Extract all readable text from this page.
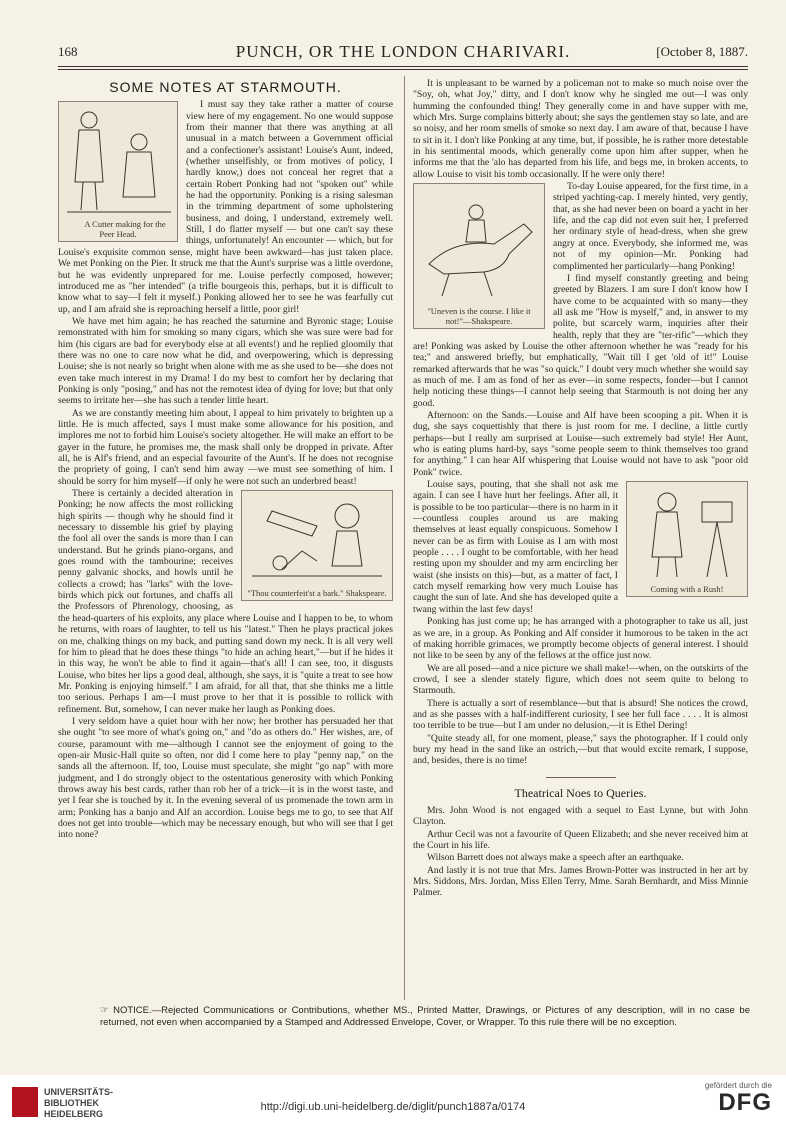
168	PUNCH, OR THE LONDON CHARIVARI.	[October 8, 1887.
SOME NOTES AT STARMOUTH.

A Cutter making for the Peer Head.
I must say they take rather a matter of course view here of my engagement. No one would suppose from their manner that there was anything at all unusual in a match between a Government official and a confectioner's assistant! Louise's Aunt, indeed, (whether unselfishly, or from motives of policy, I hardly know,) does not conceal her regret that a certain Robert Ponking had not "spoken out" while he had the opportunity. Ponking is a rising salesman in the trimming department of some upholstering business, and doing, I understand, extremely well. Still, I do flatter myself — but one can't say these things, unfortunately! An encounter — which, but for Louise's exquisite common sense, might have been awkward—has just taken place. We met Ponking on the Pier. It struck me that the Aunt's surprise was a little overdone, but he was evidently unprepared for me. Louise perfectly composed, however; introduced me as "her intended" (a trifle bourgeois this, perhaps, but it is difficult to know what to say—I felt it myself.) Ponking allowed her to see he was fearfully cut up, and I am afraid she is reproaching herself a little, poor girl!

We have met him again; he has reached the saturnine and Byronic stage; Louise remonstrated with him for smoking so many cigars, which she was sure were bad for him (his cigars are bad for everybody else at all events!) and he replied gloomily that there was no one to care now what he did, and overpowering, which is depressing Louise; she is not nearly so bright when alone with me as she used to be—she does not even take much interest in my Drama! I do my best to comfort her by declaring that Ponking is only "posing," and has not the remotest idea of dying for love; but that only seems to irritate her—she has such a tender little heart.

As we are constantly meeting him about, I appeal to him privately to brighten up a little. He is much affected, says I must make some allowance for his position, and implores me not to forbid him Louise's society altogether. He will make an effort to be gayer in the future, he promises me, the mask shall only be dropped in private. After all, he is Alf's friend, and an especial favourite of the Aunt's. If he does not recognise the propriety of going, I can't send him away —we must see something of him. I should be sorry for him myself—if only he were not such an underbred beast!

"Thou counterfeit'st a bark." Shakspeare.

There is certainly a decided alteration in Ponking; he now affects the most rollicking high spirits — though why he should find it necessary to dissemble his grief by playing the fool all over the sands is more than I can understand. But he grinds piano-organs, and goes round with the tambourine; receives penny galvanic shocks, and howls until he collects a crowd; has "larks" with the love-birds which pick out fortunes, and chaffs all the Professors of Phrenology, choosing, as the head-quarters of his exploits, any place where Louise and I happen to be, to whom he returns, with roars of laughter, to tell us his "latest." Then he plays practical jokes on me, chalking things on my back, and putting sand down my neck. It is all very well for him to plead that he does these things "to hide an aching heart,"—but if he hides it in this way, he won't be able to find it again—that's all! I can see, too, it disgusts Louise, who bites her lips a good deal, although, she says, it is "quite a treat to see how Mr. Ponking is enjoying himself." I am afraid, for all that, that she thinks me a little too serious. Perhaps I am—I must prove to her that it is possible to rollick with refinement. But, somehow, I can never make her laugh as Ponking does.

I very seldom have a quiet hour with her now; her brother has persuaded her that she ought "to see more of what's going on," and "do as others do." Her wishes, are, of course, paramount with me—although I cannot see the enjoyment of going to the open-air Music-Hall quite so often, nor did I come here to play "penny nap," on the sands all the afternoon. If, too, Louise must speculate, she might "go nap" with more judgment, and I do strongly object to the ostentatious generosity with which Ponking throws away his best cards, rather than rob her of a trick—it is in the worst taste, and yet I fear she is touched by it. In the evening several of us promenade the town arm in arm; Ponking has a banjo and Alf an accordion. Louise begs me to go, to see that Alf does not get into trouble—which may be necessary enough, but who will see that I get into none?

It is unpleasant to be warned by a policeman not to make so much noise over the "Soy, oh, what Joy," ditty, and I don't know why he singled me out—I was only humming the confounded thing! They generally come in and have supper with me, which Mrs. Surge complains bitterly about; she says the gentlemen stay so late, and are so noisy, and her room smells of smoke so next day. I am aware of that, because I have to sit in it. I don't like Ponking at any time, but, if possible, he is rather more detestable in his sentimental moods, which generally come upon him after supper, when he informs me that the 'alo has departed from his life, and begs me, in broken accents, to allow Louise to visit his tomb occasionally. If he were only there!

"Uneven is the course. I like it not!"—Shakspeare.

To-day Louise appeared, for the first time, in a striped yachting-cap. I merely hinted, very gently, that, as she had never been on board a yacht in her life, and the cap did not even suit her, I preferred her ordinary style of head-dress, when she grew angry at once. Everybody, she informed me, was not of my opinion—Mr. Ponking had complimented her particularly—hang Ponking!

I find myself constantly greeting and being greeted by Blazers. I am sure I don't know how I have come to be acquainted with so many—they all ask me "How is myself," and, in answer to my polite, but scarcely warm, inquiries after their health, reply that they are "ter-rific"—which they are! Ponking was asked by Louise the other afternoon whether he was "ready for his tea;" and answered briefly, but emphatically, "Wait till I get 'old of it!" Louise remarked afterwards that he was "so quick." I doubt very much whether she would say as much of me. I am as fond of her as ever—in some respects, fonder—but I cannot help noticing these things—I cannot help seeing that Starmouth is not doing her any good.

Afternoon: on the Sands.—Louise and Alf have been scooping a pit. When it is dug, she says coquettishly that there is just room for me. I decline, a little curtly perhaps—but I really am surprised at Louise—such extremely bad style! Her Aunt, who is eating plums hard-by, says "some people seem to think themselves too grand for anything." I can hear Alf whispering that Louise would not have to ask "poor old Ponk" twice.

Coming with a Rush!

Louise says, pouting, that she shall not ask me again. I can see I have hurt her feelings. After all, it is possible to be too particular—there is no harm in it—countless couples around us are making themselves at least equally conspicuous. Somehow I never can be as firm with Louise as I am with most people . . . . I ought to be comfortable, with her head resting upon my shoulder and my arm encircling her waist (she insists on this)—but, as a matter of fact, I catch myself remarking how very much Louise has caught the sun of late. And she has developed quite a twang within the last few days!

Ponking has just come up; he has arranged with a photographer to take us all, just as we are, in a group. As Ponking and Alf consider it humorous to be taken in the act of making horrible grimaces, we promptly become objects of general interest. I should not like to be seen by any of the fellows at the office just now.

We are all posed—and a nice picture we shall make!—when, on the outskirts of the crowd, I see a slender stately figure, which does not seem quite to belong to Starmouth.

There is actually a sort of resemblance—but that is absurd! She notices the crowd, and as she passes with a half-indifferent curiosity, I see her full face . . . . It is almost too terrible to be true—but I am under no delusion,—it is Ethel Dering!

"Quite steady all, for one moment, please," says the photographer. If I could only bury my head in the sand like an ostrich,—but that would excite remark, I suppose, and, besides, there is no time!

Theatrical Noes to Queries.

Mrs. John Wood is not engaged with a sequel to East Lynne, but with John Clayton.

Arthur Cecil was not a favourite of Queen Elizabeth; and she never received him at the Court in his life.

Wilson Barrett does not always make a speech after an earthquake.

And lastly it is not true that Mrs. James Brown-Potter was instructed in her art by Mrs. Siddons, Mrs. Jordan, Miss Ellen Terry, Mme. Sarah Bernhardt, and Miss Minnie Palmer.

☞ NOTICE.—Rejected Communications or Contributions, whether MS., Printed Matter, Drawings, or Pictures of any description, will in no case be returned, not even when accompanied by a Stamped and Addressed Envelope, Cover, or Wrapper. To this rule there will be no exception.
UNIVERSITÄTS-
BIBLIOTHEK
HEIDELBERG
http://digi.ub.uni-heidelberg.de/diglit/punch1887a/0174
gefördert durch die
DFG
